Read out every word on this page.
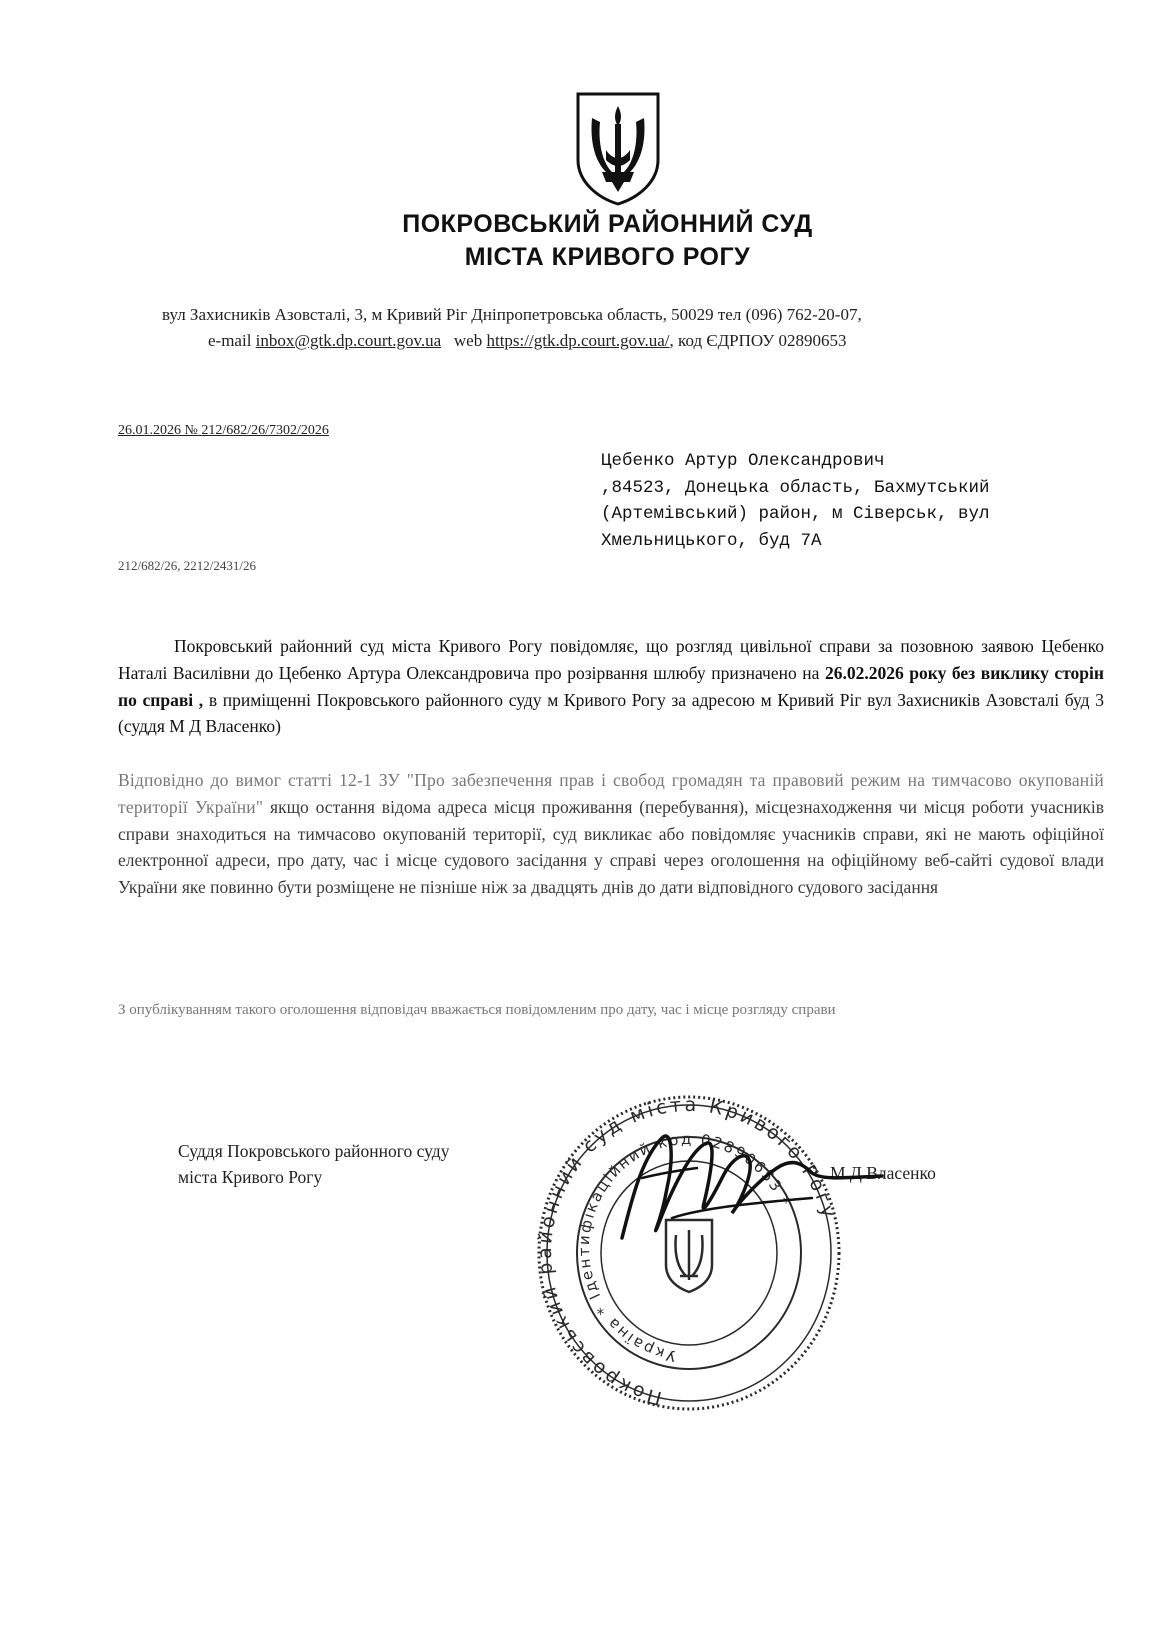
ПОКРОВСЬКИЙ РАЙОННИЙ СУД
МІСТА КРИВОГО РОГУ
вул Захисників Азовсталі, 3, м Кривий Ріг Дніпропетровська область, 50029 тел (096) 762-20-07,
e-mail inbox@gtk.dp.court.gov.ua web https://gtk.dp.court.gov.ua/, код ЄДРПОУ 02890653
26.01.2026 № 212/682/26/7302/2026
Цебенко Артур Олександрович
,84523, Донецька область, Бахмутський
(Артемівський) район, м Сіверськ, вул
Хмельницького, буд 7А
212/682/26, 2212/2431/26
Покровський районний суд міста Кривого Рогу повідомляє, що розгляд цивільної справи за позовною заявою Цебенко Наталі Василівни до Цебенко Артура Олександровича про розірвання шлюбу призначено на 26.02.2026 року без виклику сторін по справі , в приміщенні Покровського районного суду м Кривого Рогу за адресою м Кривий Ріг вул Захисників Азовсталі буд 3 (суддя М Д Власенко)
Відповідно до вимог статті 12-1 ЗУ "Про забезпечення прав і свобод громадян та правовий режим на тимчасово окупованій території України" якщо остання відома адреса місця проживання (перебування), місцезнаходження чи місця роботи учасників справи знаходиться на тимчасово окупованій території, суд викликає або повідомляє учасників справи, які не мають офіційної електронної адреси, про дату, час і місце судового засідання у справі через оголошення на офіційному веб-сайті судової влади України яке повинно бути розміщене не пізніше ніж за двадцять днів до дати відповідного судового засідання
З опублікуванням такого оголошення відповідач вважається повідомленим про дату, час і місце розгляду справи
Суддя Покровського районного суду
міста Кривого Рогу	М Д Власенко
Покровський районний суд міста Кривого Рогу
Україна * Ідентифікаційний код 02890653 *
